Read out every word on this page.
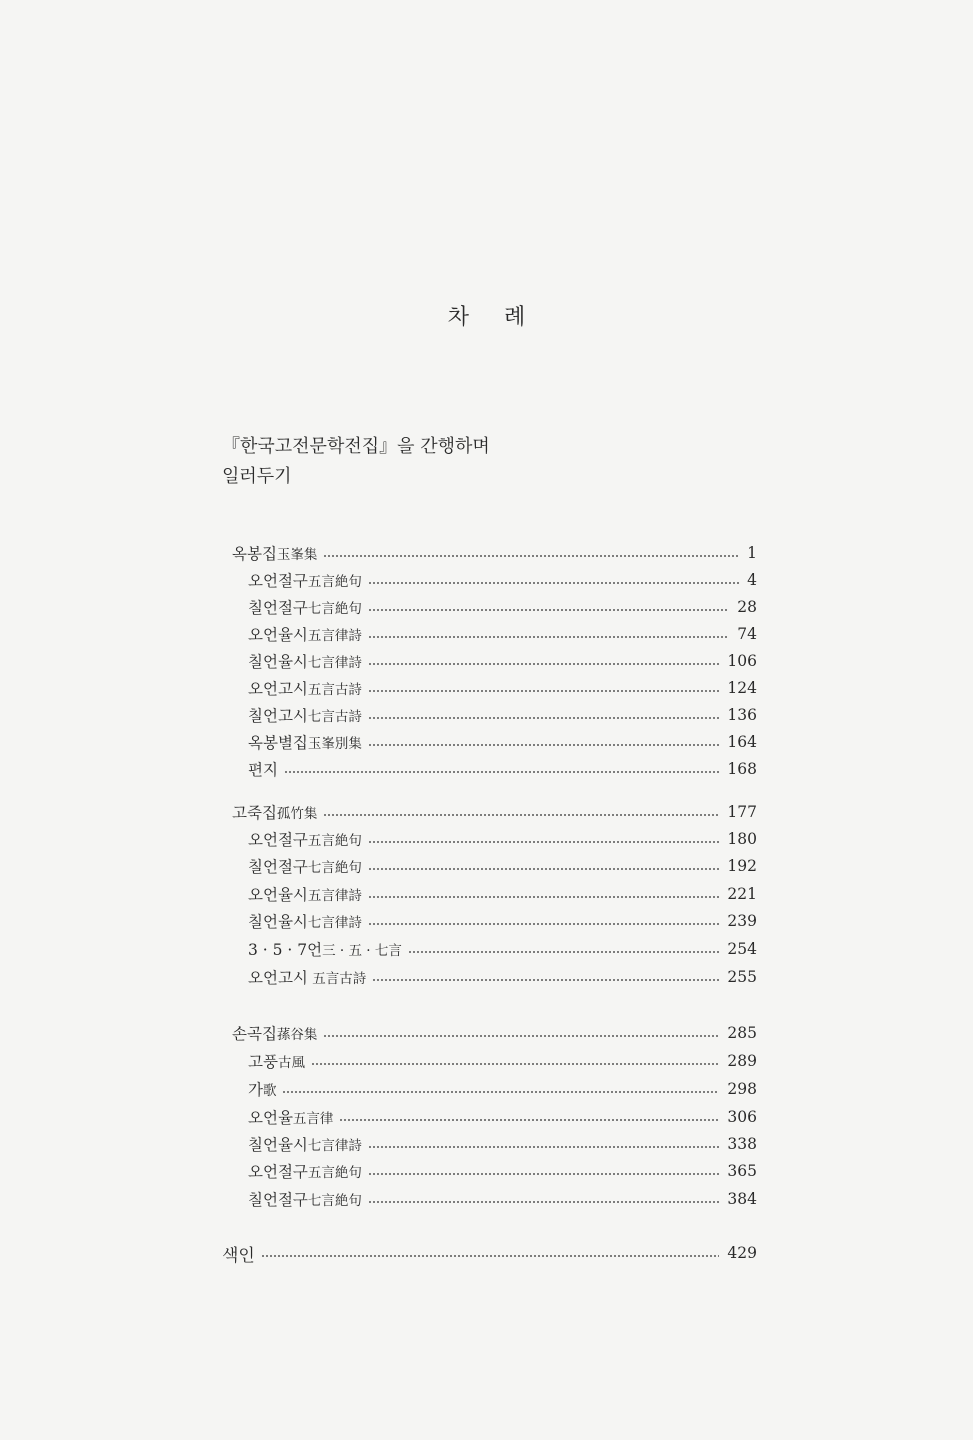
차 례
『한국고전문학전집』을 간행하며
일러두기
옥봉집玉峯集	1
오언절구五言絶句	4
칠언절구七言絶句	28
오언율시五言律詩	74
칠언율시七言律詩	106
오언고시五言古詩	124
칠언고시七言古詩	136
옥봉별집玉峯別集	164
편지	168
고죽집孤竹集	177
오언절구五言絶句	180
칠언절구七言絶句	192
오언율시五言律詩	221
칠언율시七言律詩	239
3 · 5 · 7언三 · 五 · 七言	254
오언고시 五言古詩	255
손곡집蓀谷集	285
고풍古風	289
가歌	298
오언율五言律	306
칠언율시七言律詩	338
오언절구五言絶句	365
칠언절구七言絶句	384
색인	429
